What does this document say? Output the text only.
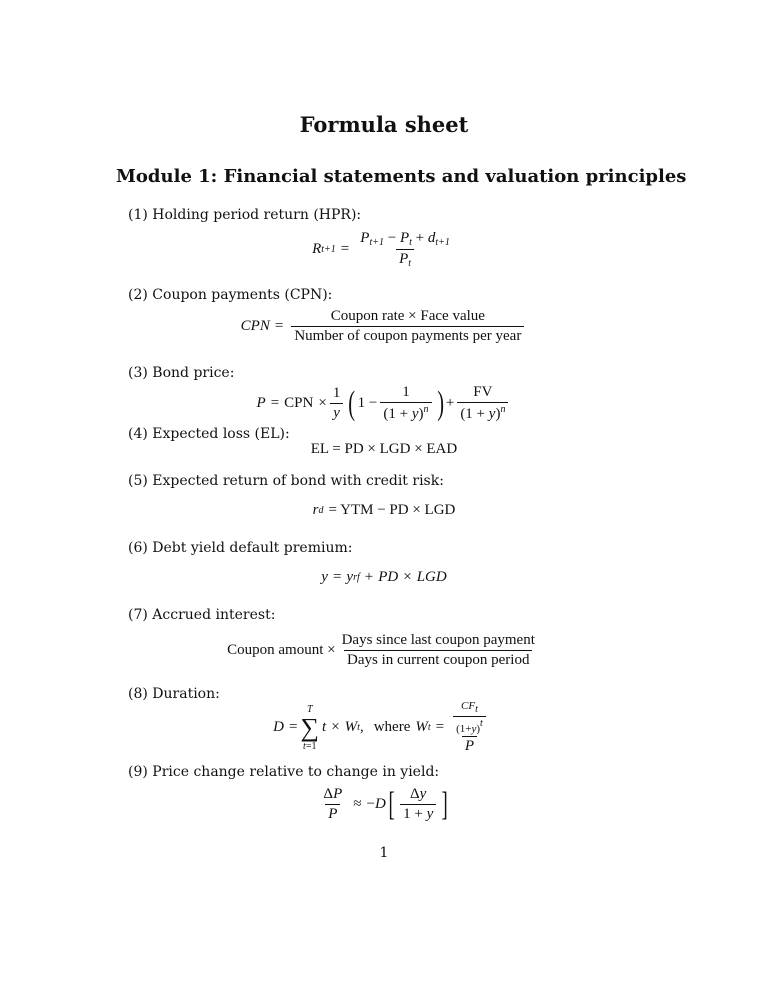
Formula sheet
Module 1: Financial statements and valuation principles
(1) Holding period return (HPR):
R $t+1 = \frac{P_{t+1} - P_t + d_{t+1}}{P_t}$
(2) Coupon payments (CPN):
CPN = $\frac{\text{Coupon rate × Face value}}{\text{Number of coupon payments per year}}$
(3) Bond price:
P = CPN × $\frac{1}{y}$ ( $1 - \frac{1}{(1 + y)^n}$ ) + $\frac{FV}{(1 + y)^n}$
(4) Expected loss (EL):
EL = PD × LGD × EAD
(5) Expected return of bond with credit risk:
r d = YTM − PD × LGD
(6) Debt yield default premium:
y = y rf + PD × LGD
(7) Accrued interest:
Coupon amount × $\frac{\text{Days since last coupon payment}}{\text{Days in current coupon period}}$
(8) Duration:
D =
T
∑
t=1
t × W t , where W $t = \frac{\frac{\text{CFt}}{(1+y)t}}{P}$
(9) Price change relative to change in yield:
$\frac{\Delta P}{P}$ ≈ − D [ $\frac{\Delta y}{1 + y}$ ]
1
